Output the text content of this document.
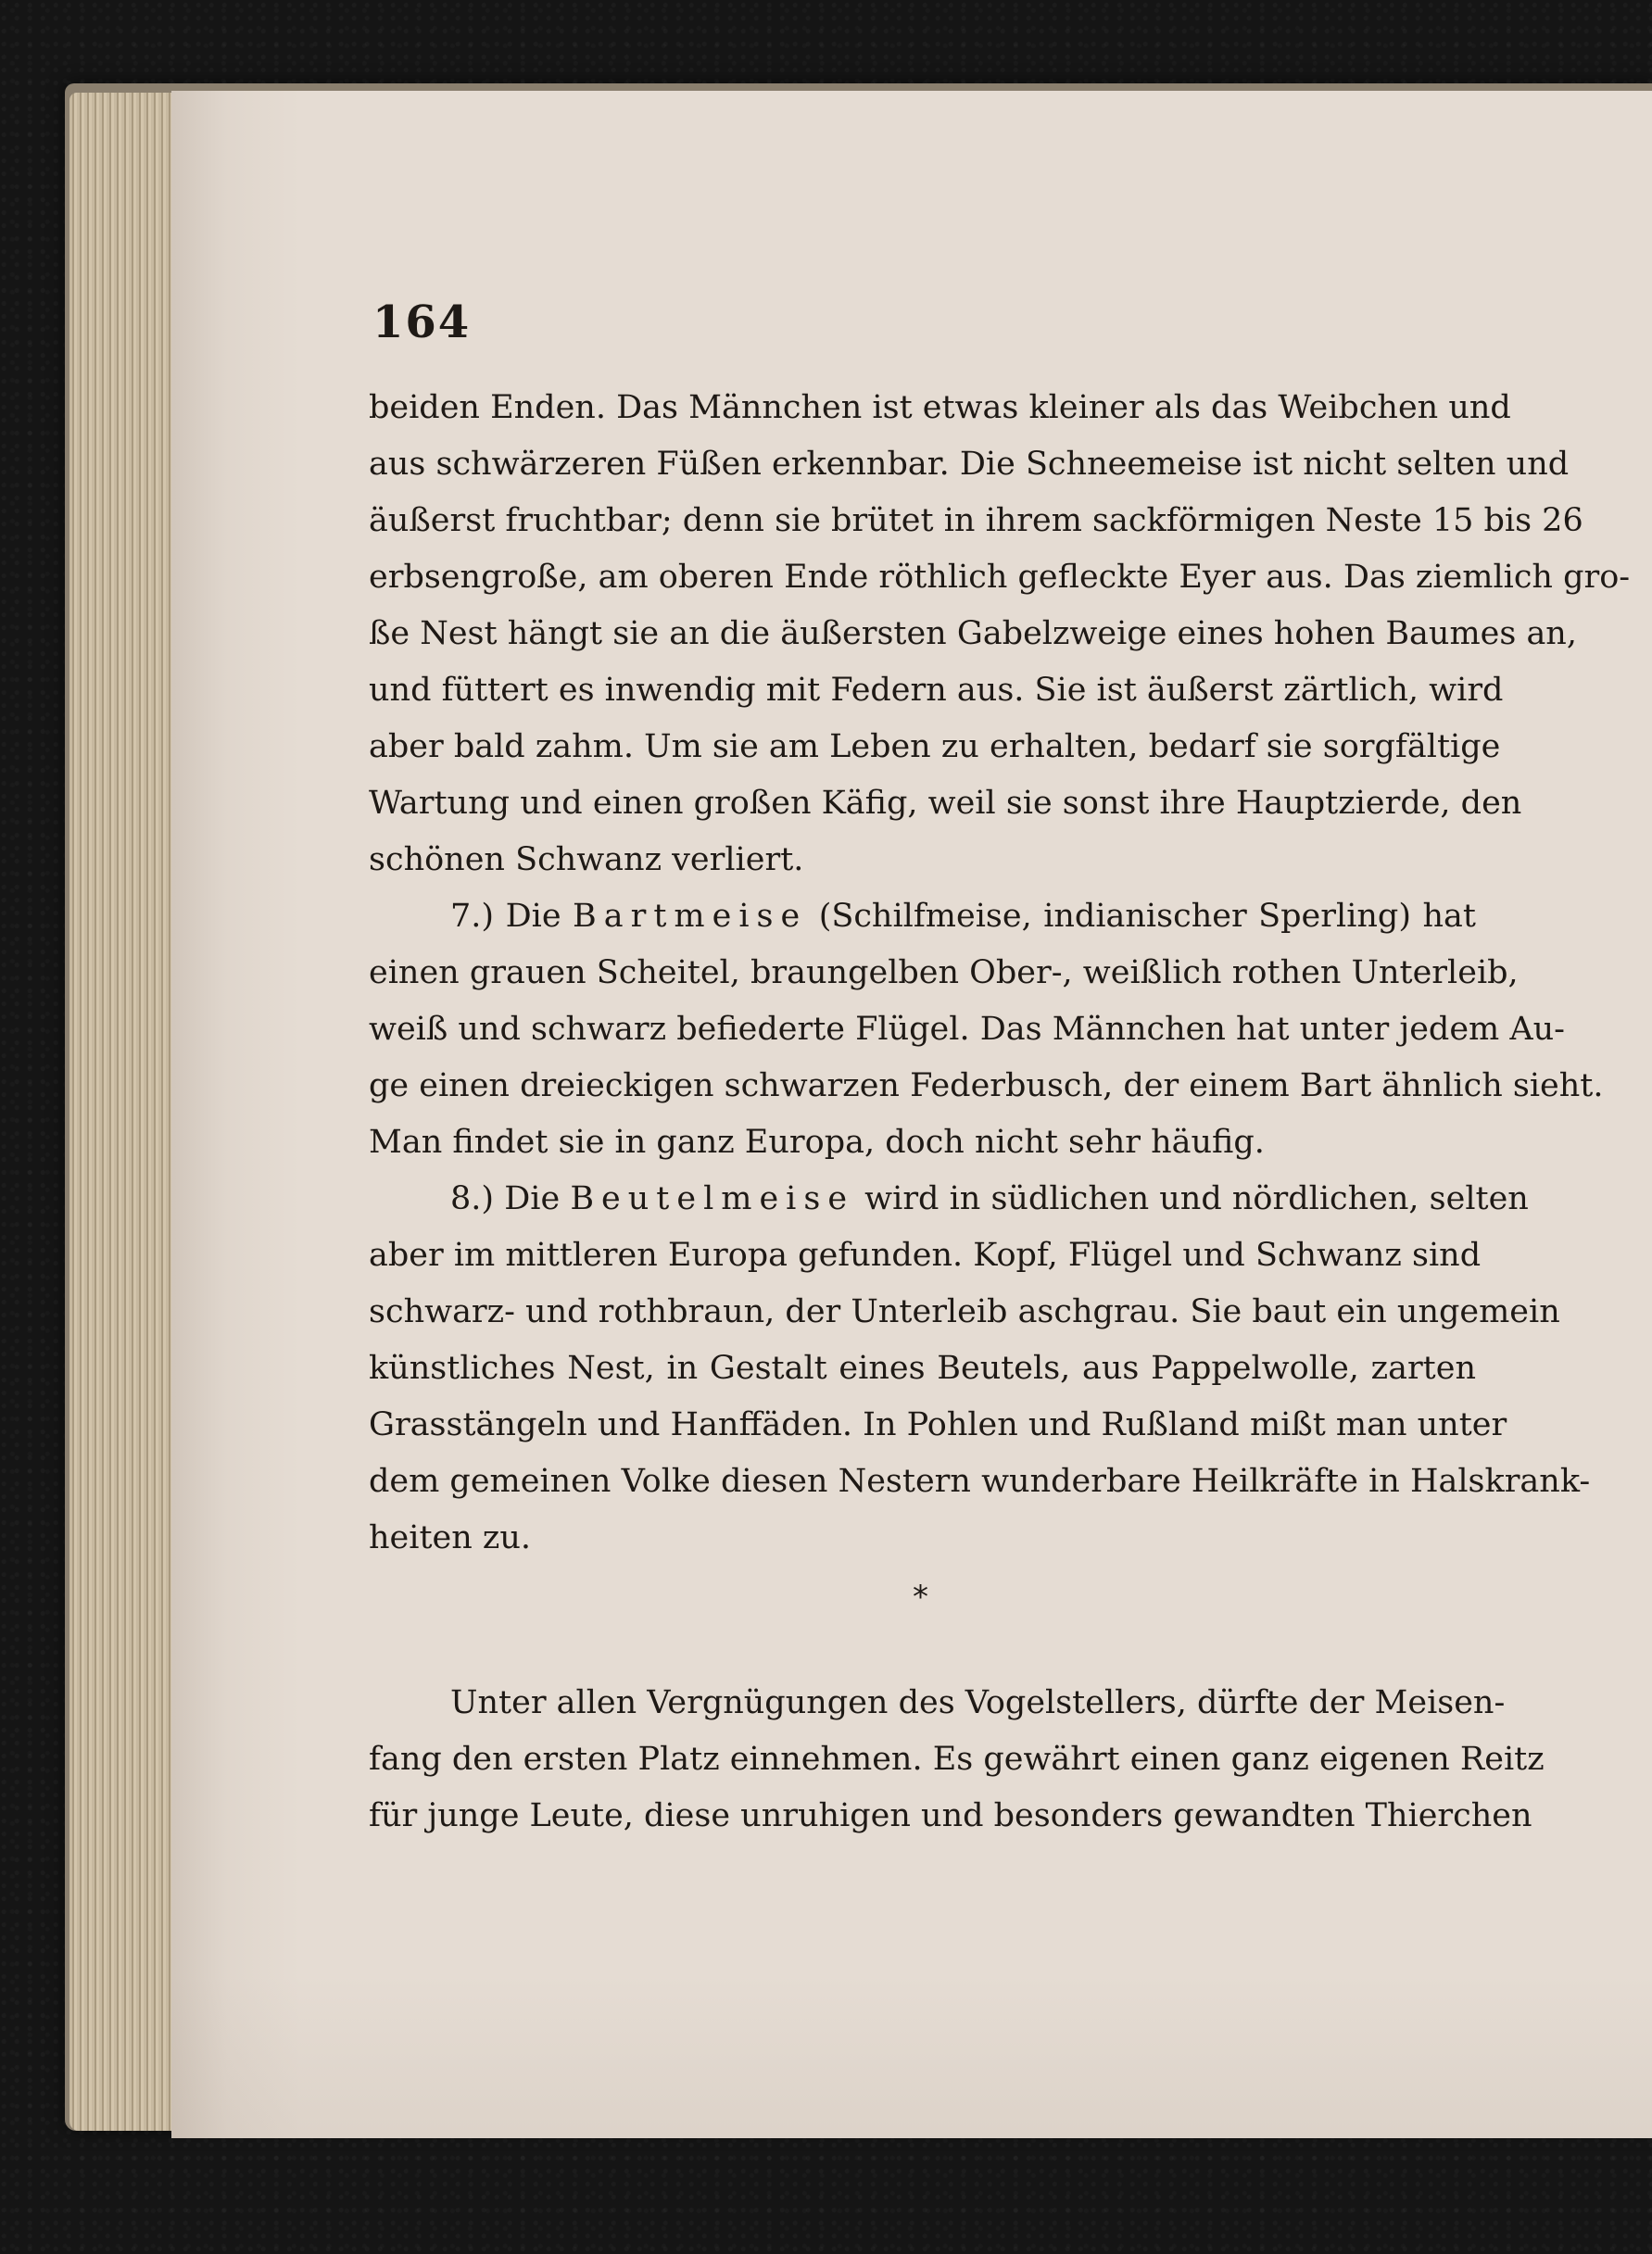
164
beiden Enden. Das Männchen ist etwas kleiner als das Weibchen und
aus schwärzeren Füßen erkennbar. Die Schneemeise ist nicht selten und
äußerst fruchtbar; denn sie brütet in ihrem sackförmigen Neste 15 bis 26
erbsengroße, am oberen Ende röthlich gefleckte Eyer aus. Das ziemlich gro-
ße Nest hängt sie an die äußersten Gabelzweige eines hohen Baumes an,
und füttert es inwendig mit Federn aus. Sie ist äußerst zärtlich, wird
aber bald zahm. Um sie am Leben zu erhalten, bedarf sie sorgfältige
Wartung und einen großen Käfig, weil sie sonst ihre Hauptzierde, den
schönen Schwanz verliert.
7.) Die Bartmeise (Schilfmeise, indianischer Sperling) hat
einen grauen Scheitel, braungelben Ober-, weißlich rothen Unterleib,
weiß und schwarz befiederte Flügel. Das Männchen hat unter jedem Au-
ge einen dreieckigen schwarzen Federbusch, der einem Bart ähnlich sieht.
Man findet sie in ganz Europa, doch nicht sehr häufig.
8.) Die Beutelmeise wird in südlichen und nördlichen, selten
aber im mittleren Europa gefunden. Kopf, Flügel und Schwanz sind
schwarz- und rothbraun, der Unterleib aschgrau. Sie baut ein ungemein
künstliches Nest, in Gestalt eines Beutels, aus Pappelwolle, zarten
Grasstängeln und Hanffäden. In Pohlen und Rußland mißt man unter
dem gemeinen Volke diesen Nestern wunderbare Heilkräfte in Halskrank-
heiten zu.
*
Unter allen Vergnügungen des Vogelstellers, dürfte der Meisen-
fang den ersten Platz einnehmen. Es gewährt einen ganz eigenen Reitz
für junge Leute, diese unruhigen und besonders gewandten Thierchen
